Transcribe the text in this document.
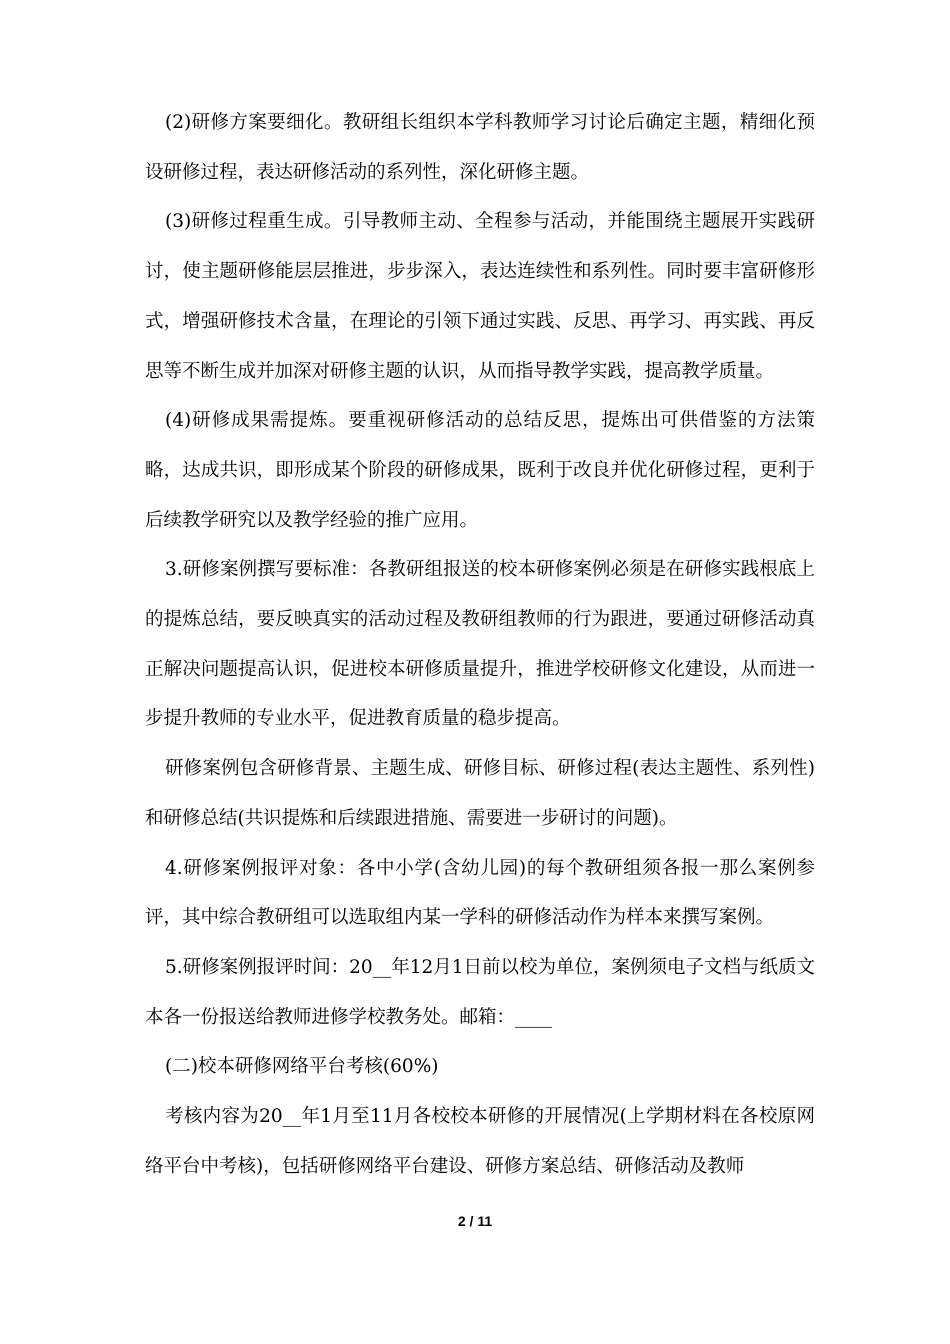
(2)研修方案要细化。教研组长组织本学科教师学习讨论后确定主题，精细化预设研修过程，表达研修活动的系列性，深化研修主题。

(3)研修过程重生成。引导教师主动、全程参与活动，并能围绕主题展开实践研讨，使主题研修能层层推进，步步深入，表达连续性和系列性。同时要丰富研修形式，增强研修技术含量，在理论的引领下通过实践、反思、再学习、再实践、再反思等不断生成并加深对研修主题的认识，从而指导教学实践，提高教学质量。

(4)研修成果需提炼。要重视研修活动的总结反思，提炼出可供借鉴的方法策略，达成共识，即形成某个阶段的研修成果，既利于改良并优化研修过程，更利于后续教学研究以及教学经验的推广应用。

3.研修案例撰写要标准：各教研组报送的校本研修案例必须是在研修实践根底上的提炼总结，要反映真实的活动过程及教研组教师的行为跟进，要通过研修活动真正解决问题提高认识，促进校本研修质量提升，推进学校研修文化建设，从而进一步提升教师的专业水平，促进教育质量的稳步提高。

研修案例包含研修背景、主题生成、研修目标、研修过程(表达主题性、系列性)和研修总结(共识提炼和后续跟进措施、需要进一步研讨的问题)。

4.研修案例报评对象：各中小学(含幼儿园)的每个教研组须各报一那么案例参评，其中综合教研组可以选取组内某一学科的研修活动作为样本来撰写案例。

5.研修案例报评时间：20__年12月1日前以校为单位，案例须电子文档与纸质文本各一份报送给教师进修学校教务处。邮箱：____

(二)校本研修网络平台考核(60%)

考核内容为20__年1月至11月各校校本研修的开展情况(上学期材料在各校原网络平台中考核)，包括研修网络平台建设、研修方案总结、研修活动及教师

2 / 11
